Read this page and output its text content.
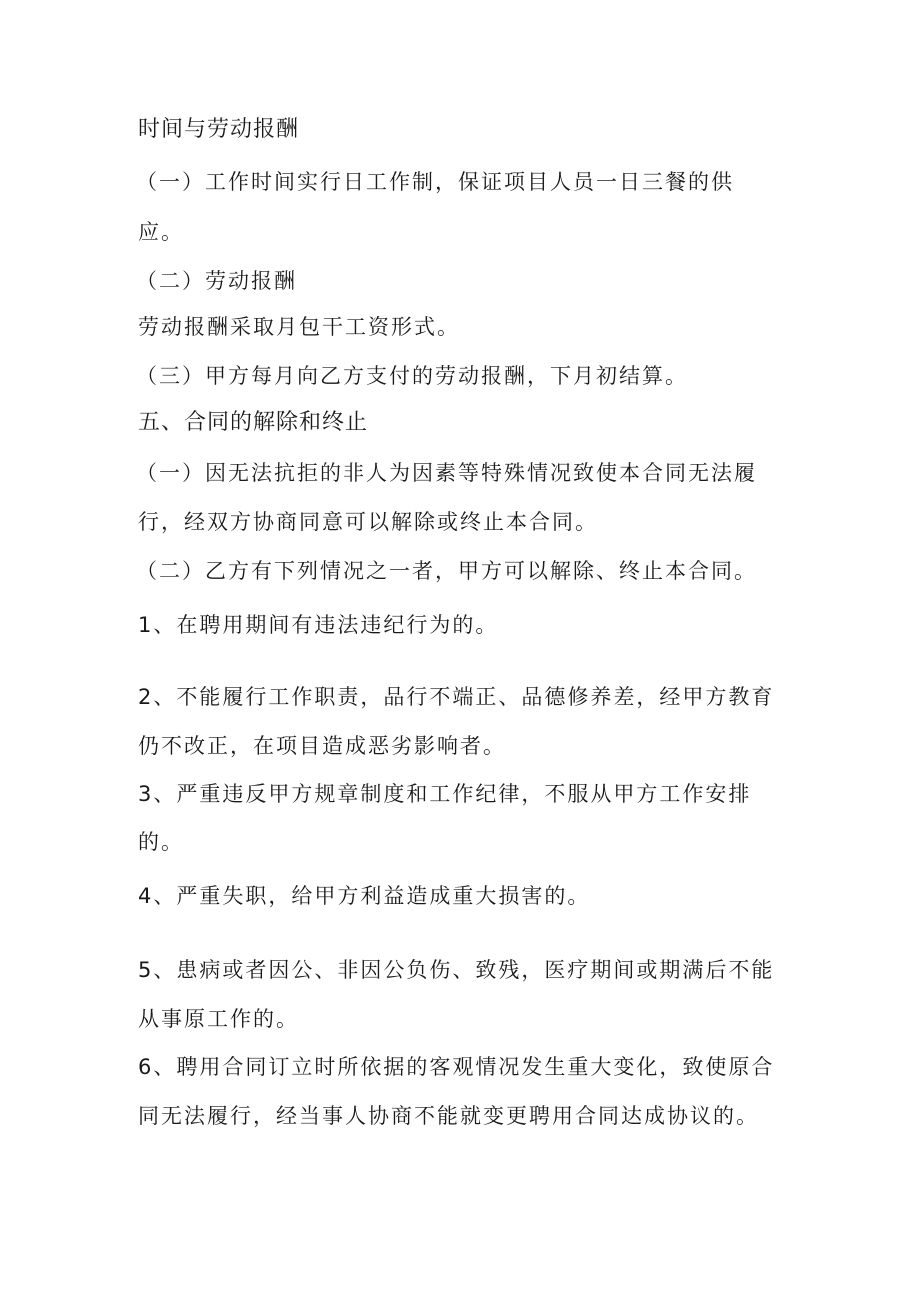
时间与劳动报酬
（一）工作时间实行日工作制，保证项目人员一日三餐的供
应。
（二）劳动报酬
劳动报酬采取月包干工资形式。
（三）甲方每月向乙方支付的劳动报酬，下月初结算。
五、合同的解除和终止
（一）因无法抗拒的非人为因素等特殊情况致使本合同无法履
行，经双方协商同意可以解除或终止本合同。
（二）乙方有下列情况之一者，甲方可以解除、终止本合同。
1、在聘用期间有违法违纪行为的。
2、不能履行工作职责，品行不端正、品德修养差，经甲方教育
仍不改正，在项目造成恶劣影响者。
3、严重违反甲方规章制度和工作纪律，不服从甲方工作安排
的。
4、严重失职，给甲方利益造成重大损害的。
5、患病或者因公、非因公负伤、致残，医疗期间或期满后不能
从事原工作的。
6、聘用合同订立时所依据的客观情况发生重大变化，致使原合
同无法履行，经当事人协商不能就变更聘用合同达成协议的。
